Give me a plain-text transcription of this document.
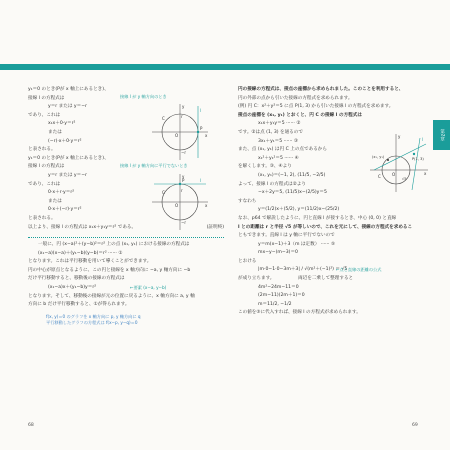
y₁＝0 のとき(Pが x 軸上にあるとき)、
接線 l の方程式は
y＝r または y＝−r
であり、これは
x₁x＋0·y＝r²
または
(−r)·x＋0·y＝r²
と表される。
y₁＝0 のとき(Pが x 軸上にあるとき)、
接線 l の方程式は
y＝r または y＝−r
であり、これは
0·x＋r·y＝r²
または
0·x＋(−r)·y＝r²
と表される。
以上より、接線 l の方程式は x₁x＋y₁y＝r² である。	(証明終)
一般に、円 (x−a)²＋(y−b)²＝r² 上の点 (x₁, y₁) における接線の方程式は
(x₁−a)(x−a)＋(y₁−b)(y−b)＝r² ······ ①
となります。これは平行移動を用いて導くことができます。
円の中心が原点となるように、この円と接線を x 軸方向に −a, y 軸方向に −b
だけ平行移動すると、移動後の接線の方程式は
(x₁−a)x＋(y₁−b)y＝r²	←要素 (x−a, y−b)
となります。そして、移動後の接線が元の位置に戻るように、x 軸方向に a, y 軸
方向に b だけ平行移動すると、①が得られます。
f(x, y)＝0 のグラフを x 軸方向に p, y 軸方向に q
平行移動したグラフの方程式は f(x−p, y−q)＝0
接線 l が y 軸方向のとき
接線 l が y 軸方向に平行でないとき
y
r
O	x
−r
C
l
P
y
r
O	x
−r
C
l
P
円の接線の方程式は、接点の座標から求められました。このことを利用すると、
円の外部の点から引いた接線の方程式を求められます。
(例) 円 C：x²＋y²＝5 に点 P(1, 3) から引いた接線 l の方程式を求めます。
接点の座標を (x₁, y₁) とおくと、円 C の接線 l の方程式は
x₁x＋y₁y＝5 ······ ②
です。②は点 (1, 3) を通るので
3x₁＋y₁＝5 ······ ③
また、点 (x₁, y₁) は円 C 上の点であるから
x₁²＋y₁²＝5 ······ ④
を解くします。③、④より
(x₁, y₁)＝(−1, 2), (11/5, −2/5)
よって、接線 l の方程式は②より
−x＋2y＝5, (11/5)x−(2/5)y＝5
すなわち
y＝(1/2)x＋(5/2), y＝(11/2)x−(25/2)
なお、p64 で解説したように、円と直線 l が接するとき、中心 (0, 0) と直線
l との距離は r と半径 √5 が等しいので、これを元にして、接線の方程式を求めるこ
ともできます。直線 l は y 軸に平行でないので
y＝m(x−1)＋3（m は定数） ······ ⑤
mx−y−(m−3)＝0
とおける
|m·0−1·0−3m＋3| / √(m²＋(−1)²) ＝ √5
←点と直線の距離の公式
が成り立ちます。	両辺を二乗して整理すると
4m²−24m−11＝0
(2m−11)(2m＋1)＝0
m＝11/2, −1/2
この値を⑤に代入すれば、接線 l の方程式が求められます。
y
l
P(1, 3)
(x₁, y₁)
C	O	x
√5
第2章
68	69
